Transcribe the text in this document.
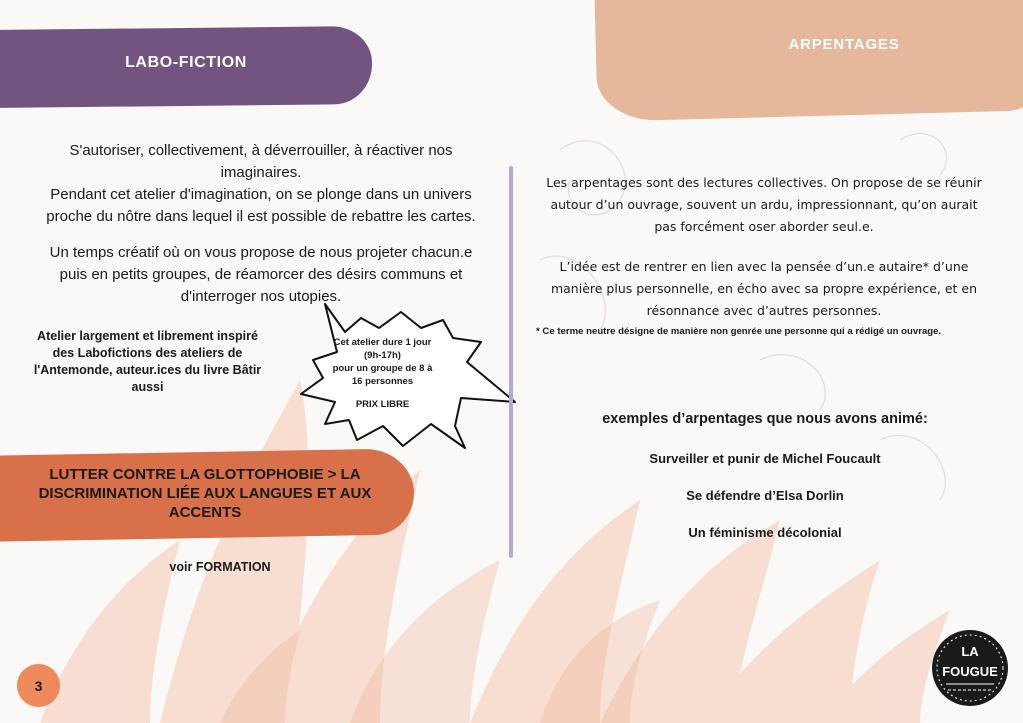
LABO-FICTION

S'autoriser, collectivement, à déverrouiller, à réactiver nos imaginaires.

Pendant cet atelier d'imagination, on se plonge dans un univers proche du nôtre dans lequel il est possible de rebattre les cartes.

Un temps créatif où on vous propose de nous projeter chacun.e puis en petits groupes, de réamorcer des désirs communs et d'interroger nos utopies.

Atelier largement et librement inspiré des Labofictions des ateliers de l'Antemonde, auteur.ices du livre Bâtir aussi
Cet atelier dure 1 jour
(9h-17h)
pour un groupe de 8 à
16 personnes
PRIX LIBRE
LUTTER CONTRE LA GLOTTOPHOBIE > LA DISCRIMINATION LIÉE AUX LANGUES ET AUX ACCENTS
voir FORMATION
ARPENTAGES

Les arpentages sont des lectures collectives. On propose de se réunir autour d’un ouvrage, souvent un ardu, impressionnant, qu’on aurait pas forcément oser aborder seul.e.

L’idée est de rentrer en lien avec la pensée d’un.e autaire* d’une manière plus personnelle, en écho avec sa propre expérience, et en résonnance avec d’autres personnes.

* Ce terme neutre désigne de manière non genrée une personne qui a rédigé un ouvrage.
exemples d’arpentages que nous avons animé:
Surveiller et punir de Michel Foucault
Se défendre d’Elsa Dorlin
Un féminisme décolonial
3
LA
FOUGUE
